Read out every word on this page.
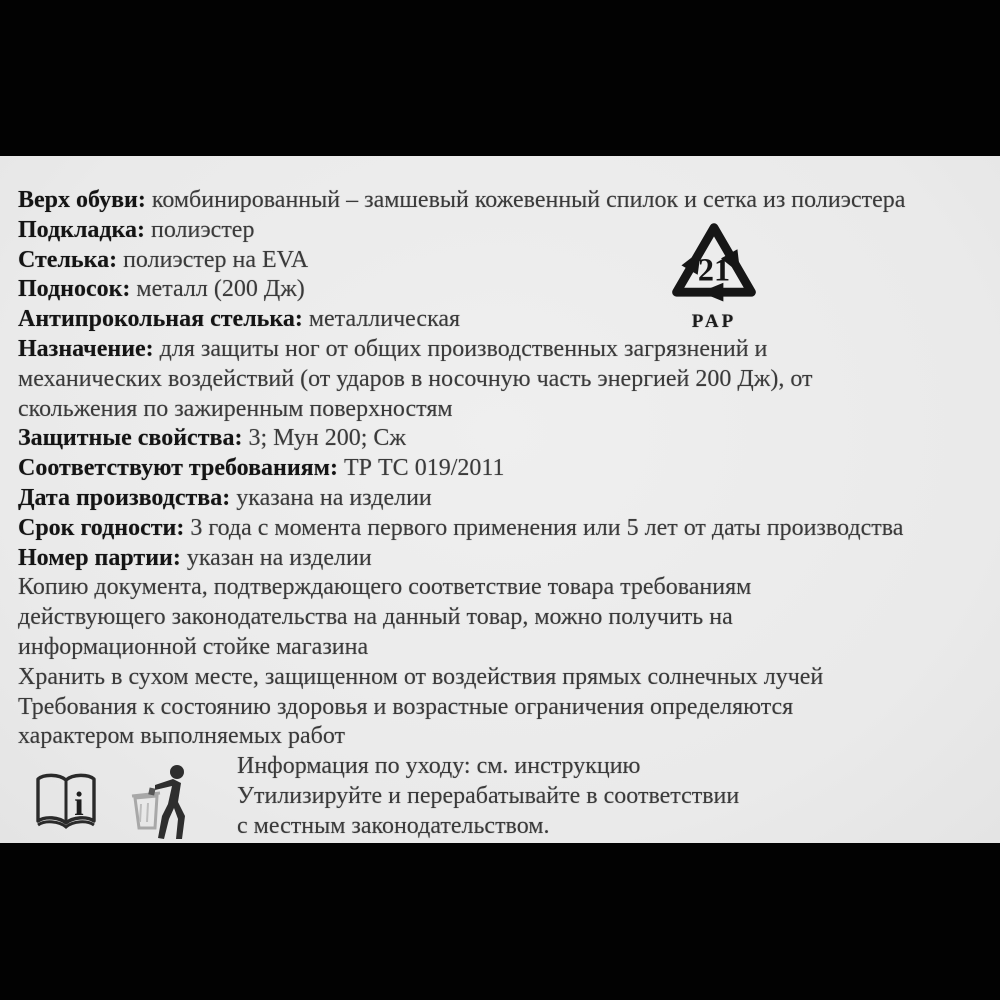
Верх обуви: комбинированный – замшевый кожевенный спилок и сетка из полиэстера
Подкладка: полиэстер
Стелька: полиэстер на EVA
Подносок: металл (200 Дж)
Антипрокольная стелька: металлическая
Назначение: для защиты ног от общих производственных загрязнений и
механических воздействий (от ударов в носочную часть энергией 200 Дж), от
скольжения по зажиренным поверхностям
Защитные свойства: 3; Мун 200; Сж
Соответствуют требованиям: ТР ТС 019/2011
Дата производства: указана на изделии
Срок годности: 3 года с момента первого применения или 5 лет от даты производства
Номер партии: указан на изделии
Копию документа, подтверждающего соответствие товара требованиям
действующего законодательства на данный товар, можно получить на
информационной стойке магазина
Хранить в сухом месте, защищенном от воздействия прямых солнечных лучей
Требования к состоянию здоровья и возрастные ограничения определяются
характером выполняемых работ
Информация по уходу: см. инструкцию
Утилизируйте и перерабатывайте в соответствии
с местным законодательством.
21
PAP
i
